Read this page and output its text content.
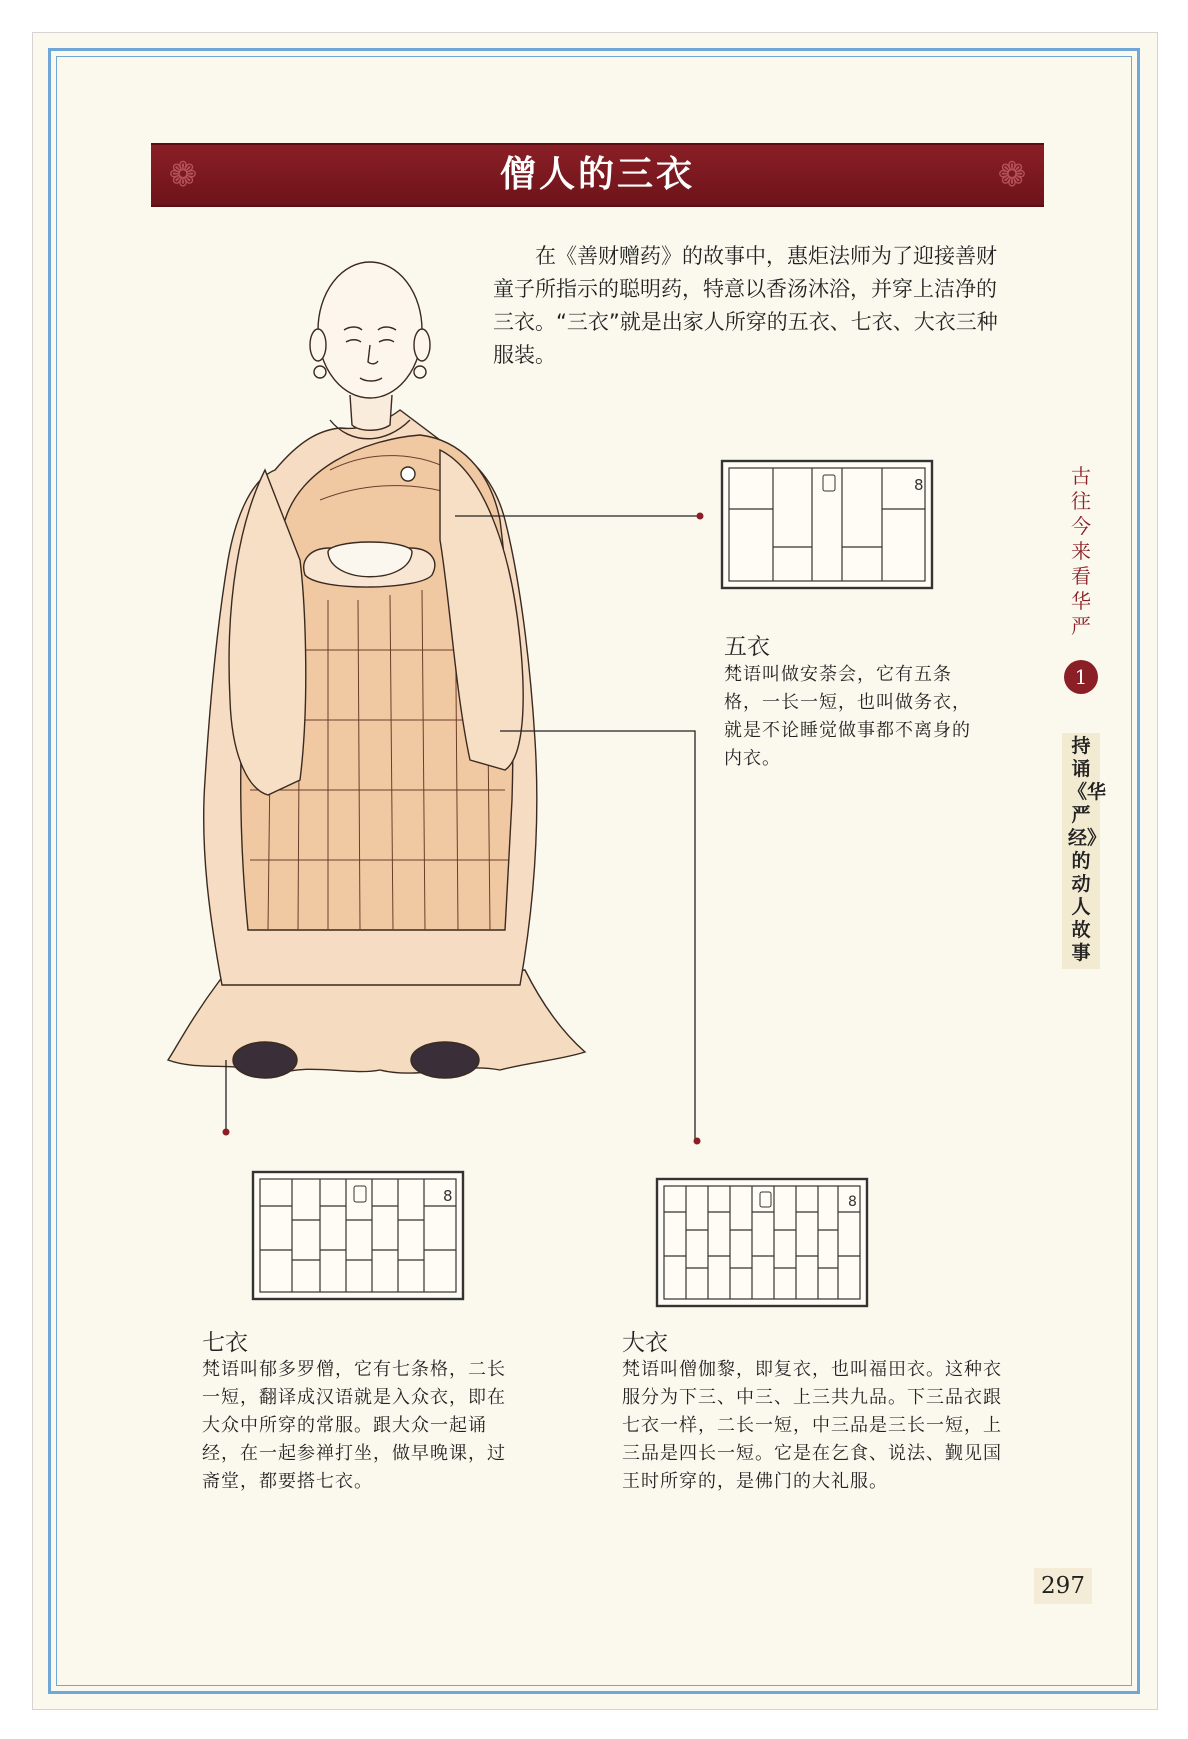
❁	僧人的三衣	❁

在《善财赠药》的故事中，惠炬法师为了迎接善财童子所指示的聪明药，特意以香汤沐浴，并穿上洁净的三衣。“三衣”就是出家人所穿的五衣、七衣、大衣三种服装。

8
8	8
五衣

梵语叫做安荼会，它有五条格，一长一短，也叫做务衣，就是不论睡觉做事都不离身的内衣。

七衣

梵语叫郁多罗僧，它有七条格，二长一短，翻译成汉语就是入众衣，即在大众中所穿的常服。跟大众一起诵经，在一起参禅打坐，做早晚课，过斋堂，都要搭七衣。

大衣

梵语叫僧伽黎，即复衣，也叫福田衣。这种衣服分为下三、中三、上三共九品。下三品衣跟七衣一样，二长一短，中三品是三长一短，上三品是四长一短。它是在乞食、说法、觐见国王时所穿的，是佛门的大礼服。

古往今来看华严
1
持诵《华严经》的动人故事
297
